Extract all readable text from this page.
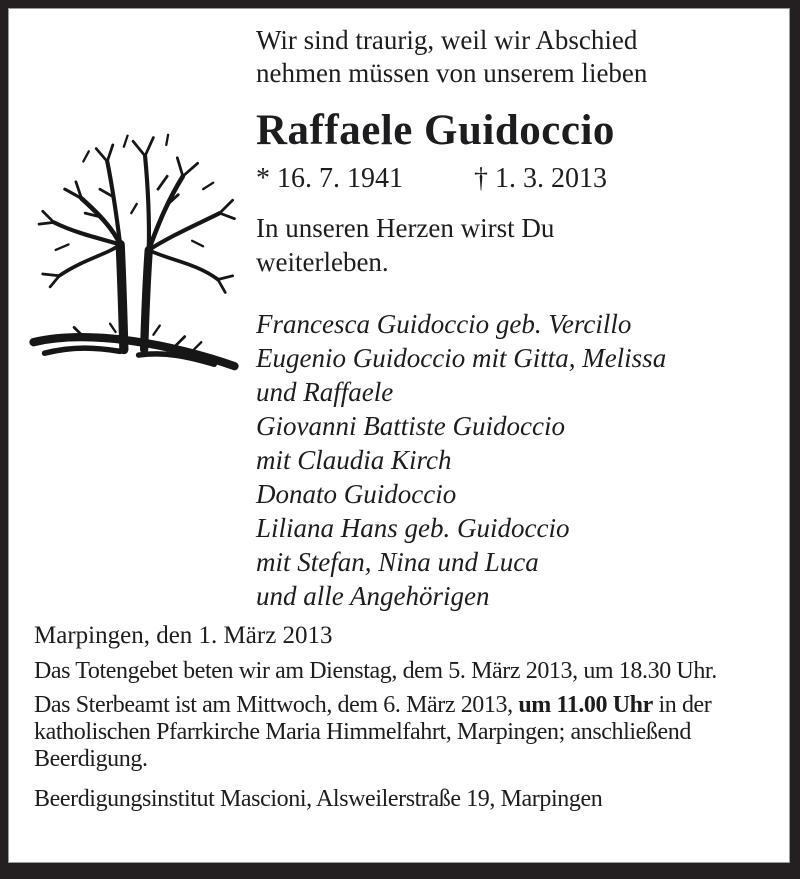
Wir sind traurig, weil wir Abschied
nehmen müssen von unserem lieben
Raffaele Guidoccio
* 16. 7. 1941	† 1. 3. 2013
In unseren Herzen wirst Du
weiterleben.
Francesca Guidoccio geb. Vercillo
Eugenio Guidoccio mit Gitta, Melissa
und Raffaele
Giovanni Battiste Guidoccio
mit Claudia Kirch
Donato Guidoccio
Liliana Hans geb. Guidoccio
mit Stefan, Nina und Luca
und alle Angehörigen
Marpingen, den 1. März 2013
Das Totengebet beten wir am Dienstag, dem 5. März 2013, um 18.30 Uhr.
Das Sterbeamt ist am Mittwoch, dem 6. März 2013, um 11.00 Uhr in der katholischen Pfarrkirche Maria Himmelfahrt, Marpingen; anschließend Beerdigung.
Beerdigungsinstitut Mascioni, Alsweilerstraße 19, Marpingen
